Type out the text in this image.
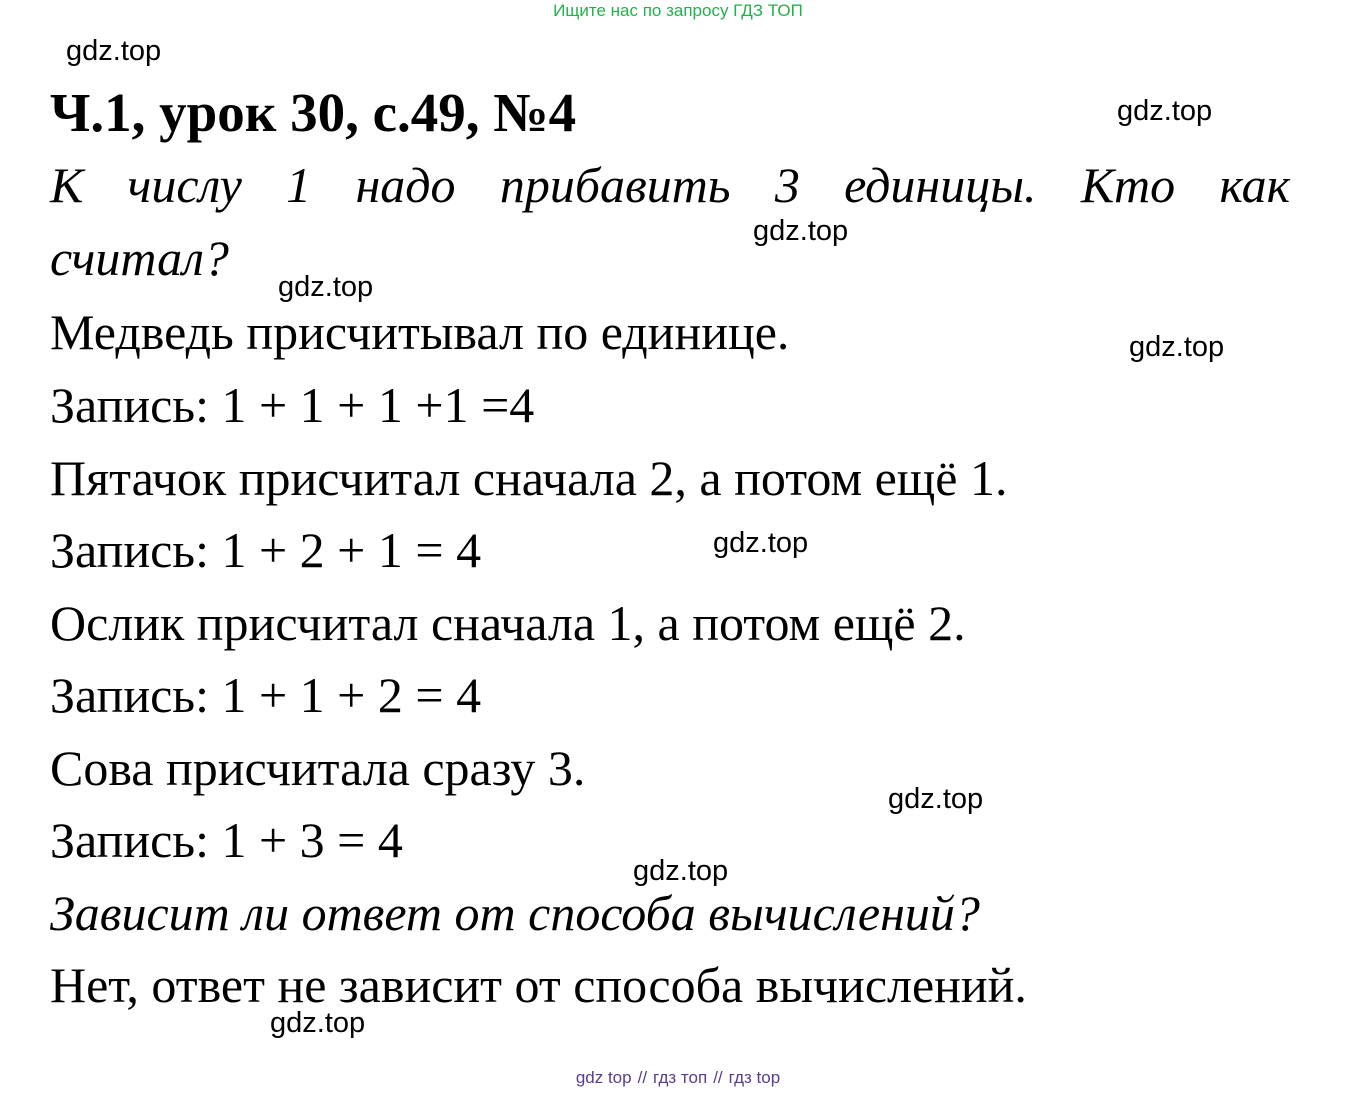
Ищите нас по запросу ГДЗ ТОП
gdz.top
Ч.1, урок 30, с.49, №4	gdz.top
К числу 1 надо прибавить 3 единицы. Кто как
gdz.top
считал?
gdz.top
Медведь присчитывал по единице.	gdz.top
Запись: 1 + 1 + 1 +1 =4
Пятачок присчитал сначала 2, а потом ещё 1.
Запись: 1 + 2 + 1 = 4	gdz.top
Ослик присчитал сначала 1, а потом ещё 2.
Запись: 1 + 1 + 2 = 4
Сова присчитала сразу 3.
gdz.top
Запись: 1 + 3 = 4
gdz.top
Зависит ли ответ от способа вычислений?
Нет, ответ не зависит от способа вычислений.
gdz.top
gdz top // гдз топ // гдз top
